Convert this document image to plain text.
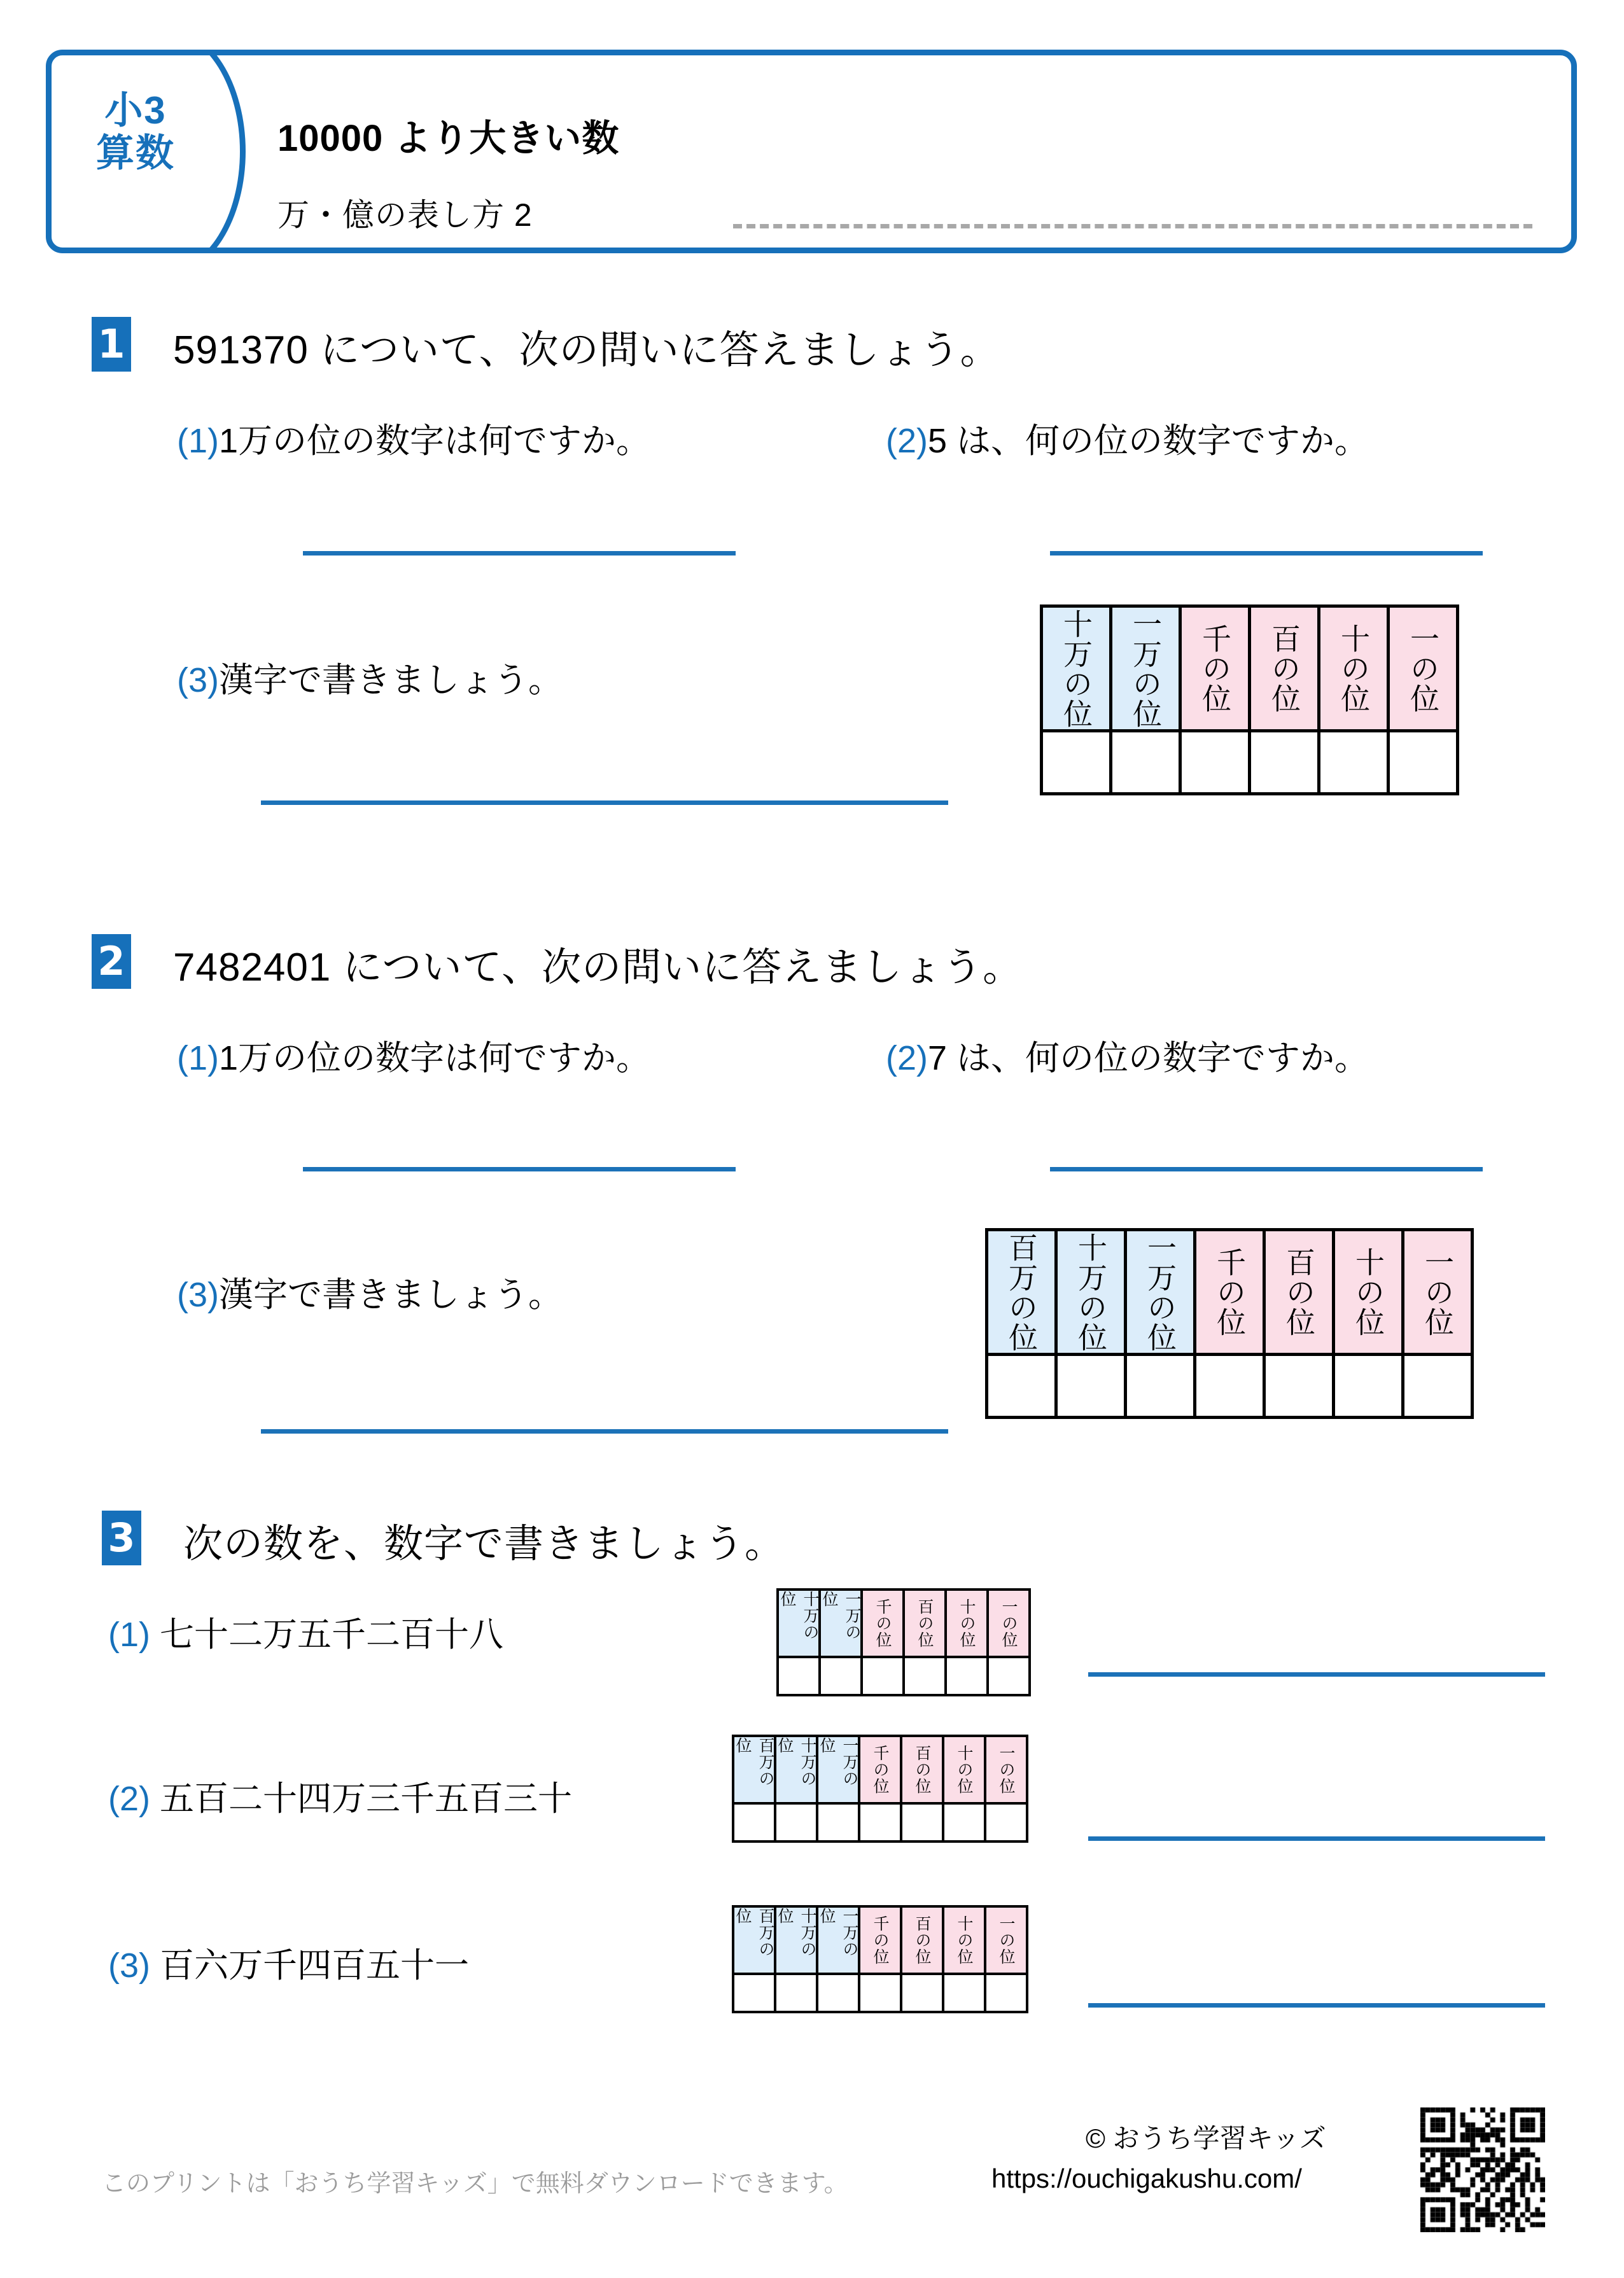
小3
算数	10000 より大きい数
万・億の表し方 2
1 591370 について、次の問いに答えましょう。
(1)1万の位の数字は何ですか。	(2)5 は、何の位の数字ですか。
(3)漢字で書きましょう。	十万の位	一万の位	千の位	百の位	十の位	一の位
2 7482401 について、次の問いに答えましょう。
(1)1万の位の数字は何ですか。	(2)7 は、何の位の数字ですか。
(3)漢字で書きましょう。	百万の位	十万の位	一万の位	千の位	百の位	十の位	一の位
3 次の数を、数字で書きましょう。
(1) 七十二万五千二百十八	十万の位	一万の位	千の位	百の位	十の位	一の位
(2) 五百二十四万三千五百三十
百万の位	十万の位	一万の位	千の位	百の位	十の位	一の位
(3) 百六万千四百五十一
百万の位	十万の位	一万の位	千の位	百の位	十の位	一の位
このプリントは「おうち学習キッズ」で無料ダウンロードできます。
© おうち学習キッズ
https://ouchigakushu.com/
